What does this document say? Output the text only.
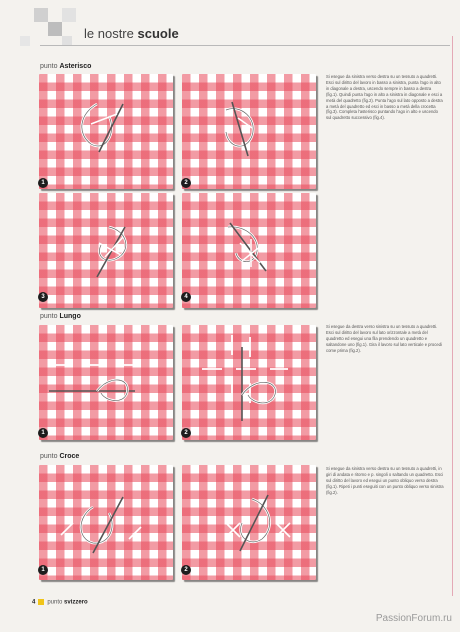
le nostre scuole
punto Asterisco
1	2
3	4

Si esegue da sinistra verso destra su un tessuto a quadretti. Esci sul diritto del lavoro in basso a sinistra, punta l'ago in alto in diagonale a destra, uscendo sempre in basso a destra (fig.1). Quindi punta l'ago in alto a sinistra in diagonale e esci a metà del quadretto (fig.2). Punta l'ago sul lato opposto a destra a metà del quadretto ed esci in basso a metà della crocetta (fig.3). Completa l'asterisco puntando l'ago in alto e uscendo sul quadretto successivo (fig.4).

punto Lungo
1	2

Si esegue da destra verso sinistra su un tessuto a quadretti. Esci sul diritto del lavoro sul lato orizzontale a metà del quadretto ed esegui una fila prendendo un quadretto e saltandone uno (fig.1). Gira il lavoro sul lato verticale e procedi come prima (fig.2).

punto Croce
1	2

Si esegue da sinistra verso destra su un tessuto a quadretti, in giri di andata e ritorno e p. singoli o saltando un quadretto. Esci sul diritto del lavoro ed esegui un punto obliquo verso destra (fig.1). Ripeti i punti eseguiti con un punto obliquo verso sinistra (fig.2).

4 punto svizzero
PassionForum.ru
